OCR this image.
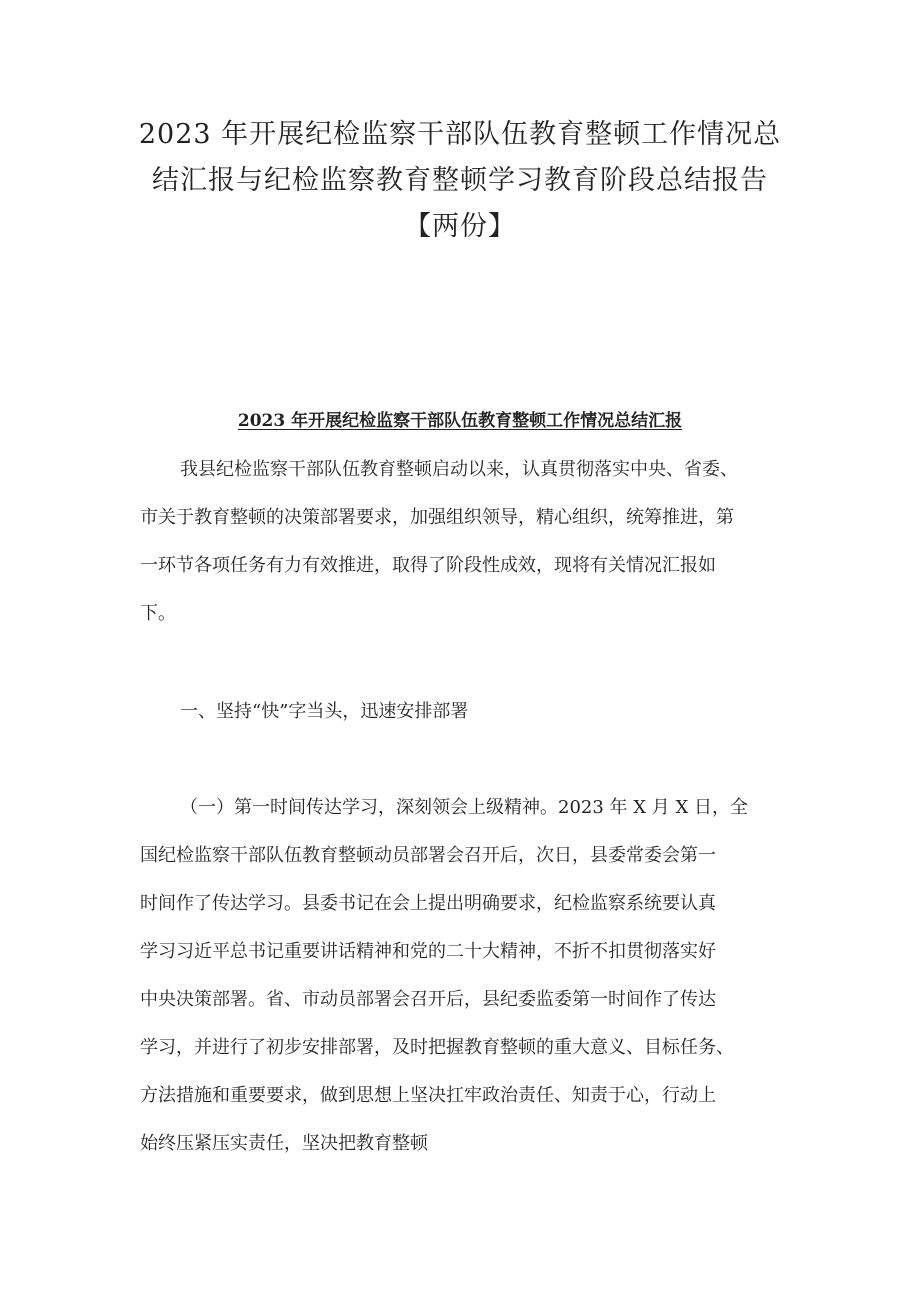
2023 年开展纪检监察干部队伍教育整顿工作情况总
结汇报与纪检监察教育整顿学习教育阶段总结报告
【两份】
2023 年开展纪检监察干部队伍教育整顿工作情况总结汇报
我县纪检监察干部队伍教育整顿启动以来，认真贯彻落实中央、省委、
市关于教育整顿的决策部署要求，加强组织领导，精心组织，统筹推进，第
一环节各项任务有力有效推进，取得了阶段性成效，现将有关情况汇报如
下。
一、坚持“快”字当头，迅速安排部署
（一）第一时间传达学习，深刻领会上级精神。2023 年 X 月 X 日，全
国纪检监察干部队伍教育整顿动员部署会召开后，次日，县委常委会第一
时间作了传达学习。县委书记在会上提出明确要求，纪检监察系统要认真
学习习近平总书记重要讲话精神和党的二十大精神，不折不扣贯彻落实好
中央决策部署。省、市动员部署会召开后，县纪委监委第一时间作了传达
学习，并进行了初步安排部署，及时把握教育整顿的重大意义、目标任务、
方法措施和重要要求，做到思想上坚决扛牢政治责任、知责于心，行动上
始终压紧压实责任，坚决把教育整顿
